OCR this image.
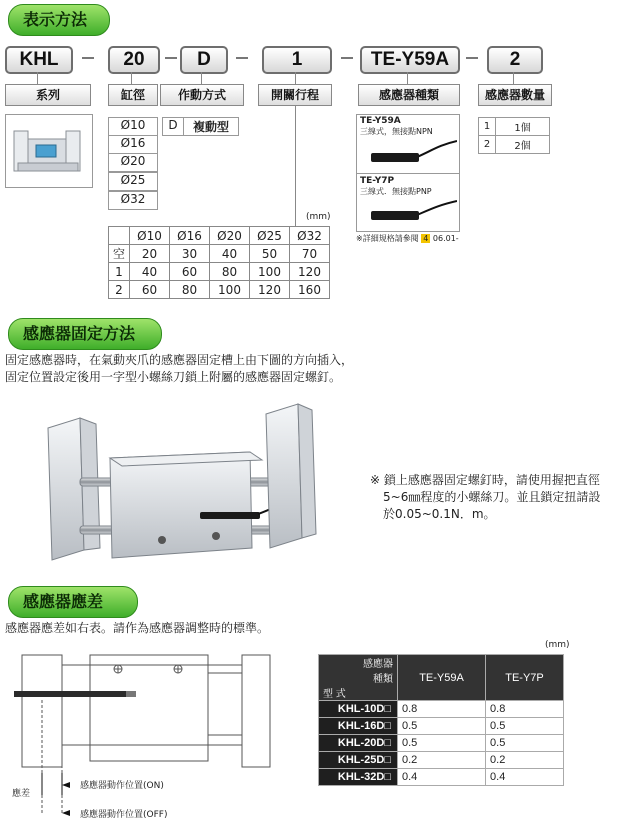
表示方法
KHL	20	D	1	TE-Y59A	2
系列	缸徑	作動方式	開關行程	感應器種類	感應器數量
Ø10
Ø16
Ø20
Ø25
Ø32
D	複動型
(mm)
	Ø10	Ø16	Ø20	Ø25	Ø32
空	20	30	40	50	70
1	40	60	80	100	120
2	60	80	100	120	160
TE-Y59A
三線式，無接點NPN
TE-Y7P
三線式．無接點PNP
※詳細規格請參閱 4 06.01-
1	1個
2	2個
感應器固定方法
固定感應器時，在氣動夾爪的感應器固定槽上由下圖的方向插入，
固定位置設定後用一字型小螺絲刀鎖上附屬的感應器固定螺釘。
※ 鎖上感應器固定螺釘時，請使用握把直徑
5~6㎜程度的小螺絲刀。並且鎖定扭請設
於0.05~0.1N．m。
感應器應差
感應器應差如右表。請作為感應器調整時的標準。
感應器動作位置(ON)
感應器動作位置(OFF)
應差
(mm)
感應器
種類
型 式	TE-Y59A	TE-Y7P
KHL-10D□	0.8	0.8
KHL-16D□	0.5	0.5
KHL-20D□	0.5	0.5
KHL-25D□	0.2	0.2
KHL-32D□	0.4	0.4
